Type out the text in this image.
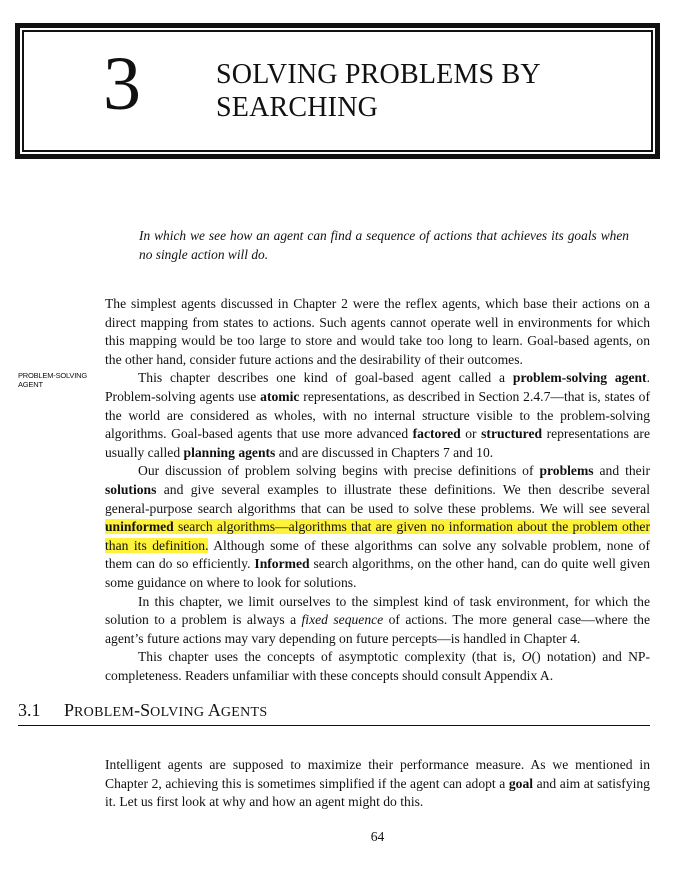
3	SOLVING PROBLEMS BY
SEARCHING
In which we see how an agent can find a sequence of actions that achieves its goals when no single action will do.
PROBLEM-SOLVING
AGENT

The simplest agents discussed in Chapter 2 were the reflex agents, which base their actions on a direct mapping from states to actions. Such agents cannot operate well in environments for which this mapping would be too large to store and would take too long to learn. Goal-based agents, on the other hand, consider future actions and the desirability of their outcomes.

This chapter describes one kind of goal-based agent called a problem-solving agent. Problem-solving agents use atomic representations, as described in Section 2.4.7—that is, states of the world are considered as wholes, with no internal structure visible to the problem-solving algorithms. Goal-based agents that use more advanced factored or structured representations are usually called planning agents and are discussed in Chapters 7 and 10.

Our discussion of problem solving begins with precise definitions of problems and their solutions and give several examples to illustrate these definitions. We then describe several general-purpose search algorithms that can be used to solve these problems. We will see several uninformed search algorithms—algorithms that are given no information about the problem other than its definition. Although some of these algorithms can solve any solvable problem, none of them can do so efficiently. Informed search algorithms, on the other hand, can do quite well given some guidance on where to look for solutions.

In this chapter, we limit ourselves to the simplest kind of task environment, for which the solution to a problem is always a fixed sequence of actions. The more general case—where the agent’s future actions may vary depending on future percepts—is handled in Chapter 4.

This chapter uses the concepts of asymptotic complexity (that is, O() notation) and NP-completeness. Readers unfamiliar with these concepts should consult Appendix A.

3.1 PROBLEM-SOLVING AGENTS

Intelligent agents are supposed to maximize their performance measure. As we mentioned in Chapter 2, achieving this is sometimes simplified if the agent can adopt a goal and aim at satisfying it. Let us first look at why and how an agent might do this.

64
